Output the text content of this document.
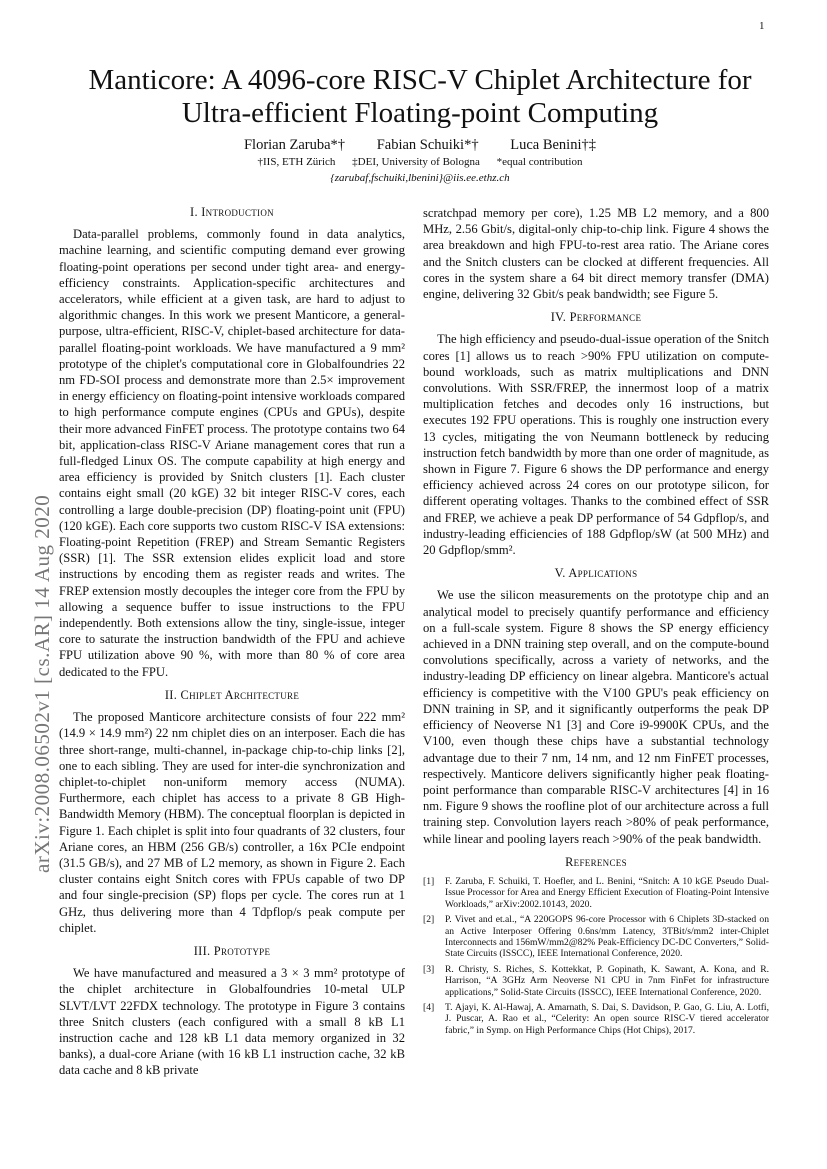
1
arXiv:2008.06502v1 [cs.AR] 14 Aug 2020
Manticore: A 4096-core RISC-V Chiplet Architecture for
Ultra-efficient Floating-point Computing
Florian Zaruba*† Fabian Schuiki*† Luca Benini†‡
†IIS, ETH Zürich ‡DEI, University of Bologna *equal contribution
{zarubaf,fschuiki,lbenini}@iis.ee.ethz.ch
I. Introduction

Data-parallel problems, commonly found in data analytics, machine learning, and scientific computing demand ever growing floating-point operations per second under tight area- and energy-efficiency constraints. Application-specific architectures and accelerators, while efficient at a given task, are hard to adjust to algorithmic changes. In this work we present Manticore, a general-purpose, ultra-efficient, RISC-V, chiplet-based architecture for data-parallel floating-point workloads. We have manufactured a 9 mm² prototype of the chiplet's computational core in Globalfoundries 22 nm FD-SOI process and demonstrate more than 2.5× improvement in energy efficiency on floating-point intensive workloads compared to high performance compute engines (CPUs and GPUs), despite their more advanced FinFET process. The prototype contains two 64 bit, application-class RISC-V Ariane management cores that run a full-fledged Linux OS. The compute capability at high energy and area efficiency is provided by Snitch clusters [1]. Each cluster contains eight small (20 kGE) 32 bit integer RISC-V cores, each controlling a large double-precision (DP) floating-point unit (FPU) (120 kGE). Each core supports two custom RISC-V ISA extensions: Floating-point Repetition (FREP) and Stream Semantic Registers (SSR) [1]. The SSR extension elides explicit load and store instructions by encoding them as register reads and writes. The FREP extension mostly decouples the integer core from the FPU by allowing a sequence buffer to issue instructions to the FPU independently. Both extensions allow the tiny, single-issue, integer core to saturate the instruction bandwidth of the FPU and achieve FPU utilization above 90 %, with more than 80 % of core area dedicated to the FPU.

II. Chiplet Architecture

The proposed Manticore architecture consists of four 222 mm² (14.9 × 14.9 mm²) 22 nm chiplet dies on an interposer. Each die has three short-range, multi-channel, in-package chip-to-chip links [2], one to each sibling. They are used for inter-die synchronization and chiplet-to-chiplet non-uniform memory access (NUMA). Furthermore, each chiplet has access to a private 8 GB High-Bandwidth Memory (HBM). The conceptual floorplan is depicted in Figure 1. Each chiplet is split into four quadrants of 32 clusters, four Ariane cores, an HBM (256 GB/s) controller, a 16x PCIe endpoint (31.5 GB/s), and 27 MB of L2 memory, as shown in Figure 2. Each cluster contains eight Snitch cores with FPUs capable of two DP and four single-precision (SP) flops per cycle. The cores run at 1 GHz, thus delivering more than 4 Tdpflop/s peak compute per chiplet.

III. Prototype

We have manufactured and measured a 3 × 3 mm² prototype of the chiplet architecture in Globalfoundries 10-metal ULP SLVT/LVT 22FDX technology. The prototype in Figure 3 contains three Snitch clusters (each configured with a small 8 kB L1 instruction cache and 128 kB L1 data memory organized in 32 banks), a dual-core Ariane (with 16 kB L1 instruction cache, 32 kB data cache and 8 kB private

scratchpad memory per core), 1.25 MB L2 memory, and a 800 MHz, 2.56 Gbit/s, digital-only chip-to-chip link. Figure 4 shows the area breakdown and high FPU-to-rest area ratio. The Ariane cores and the Snitch clusters can be clocked at different frequencies. All cores in the system share a 64 bit direct memory transfer (DMA) engine, delivering 32 Gbit/s peak bandwidth; see Figure 5.

IV. Performance

The high efficiency and pseudo-dual-issue operation of the Snitch cores [1] allows us to reach >90% FPU utilization on compute-bound workloads, such as matrix multiplications and DNN convolutions. With SSR/FREP, the innermost loop of a matrix multiplication fetches and decodes only 16 instructions, but executes 192 FPU operations. This is roughly one instruction every 13 cycles, mitigating the von Neumann bottleneck by reducing instruction fetch bandwidth by more than one order of magnitude, as shown in Figure 7. Figure 6 shows the DP performance and energy efficiency achieved across 24 cores on our prototype silicon, for different operating voltages. Thanks to the combined effect of SSR and FREP, we achieve a peak DP performance of 54 Gdpflop/s, and industry-leading efficiencies of 188 Gdpflop/sW (at 500 MHz) and 20 Gdpflop/smm².

V. Applications

We use the silicon measurements on the prototype chip and an analytical model to precisely quantify performance and efficiency on a full-scale system. Figure 8 shows the SP energy efficiency achieved in a DNN training step overall, and on the compute-bound convolutions specifically, across a variety of networks, and the industry-leading DP efficiency on linear algebra. Manticore's actual efficiency is competitive with the V100 GPU's peak efficiency on DNN training in SP, and it significantly outperforms the peak DP efficiency of Neoverse N1 [3] and Core i9-9900K CPUs, and the V100, even though these chips have a substantial technology advantage due to their 7 nm, 14 nm, and 12 nm FinFET processes, respectively. Manticore delivers significantly higher peak floating-point performance than comparable RISC-V architectures [4] in 16 nm. Figure 9 shows the roofline plot of our architecture across a full training step. Convolution layers reach >80% of peak performance, while linear and pooling layers reach >90% of the peak bandwidth.

References
[1]	F. Zaruba, F. Schuiki, T. Hoefler, and L. Benini, “Snitch: A 10 kGE Pseudo Dual-Issue Processor for Area and Energy Efficient Execution of Floating-Point Intensive Workloads,” arXiv:2002.10143, 2020.
[2]	P. Vivet and et.al., “A 220GOPS 96-core Processor with 6 Chiplets 3D-stacked on an Active Interposer Offering 0.6ns/mm Latency, 3TBit/s/mm2 inter-Chiplet Interconnects and 156mW/mm2@82% Peak-Efficiency DC-DC Converters,” Solid-State Circuits (ISSCC), IEEE International Conference, 2020.
[3]	R. Christy, S. Riches, S. Kottekkat, P. Gopinath, K. Sawant, A. Kona, and R. Harrison, “A 3GHz Arm Neoverse N1 CPU in 7nm FinFet for infrastructure applications,” Solid-State Circuits (ISSCC), IEEE International Conference, 2020.
[4]	T. Ajayi, K. Al-Hawaj, A. Amarnath, S. Dai, S. Davidson, P. Gao, G. Liu, A. Lotfi, J. Puscar, A. Rao et al., “Celerity: An open source RISC-V tiered accelerator fabric,” in Symp. on High Performance Chips (Hot Chips), 2017.
